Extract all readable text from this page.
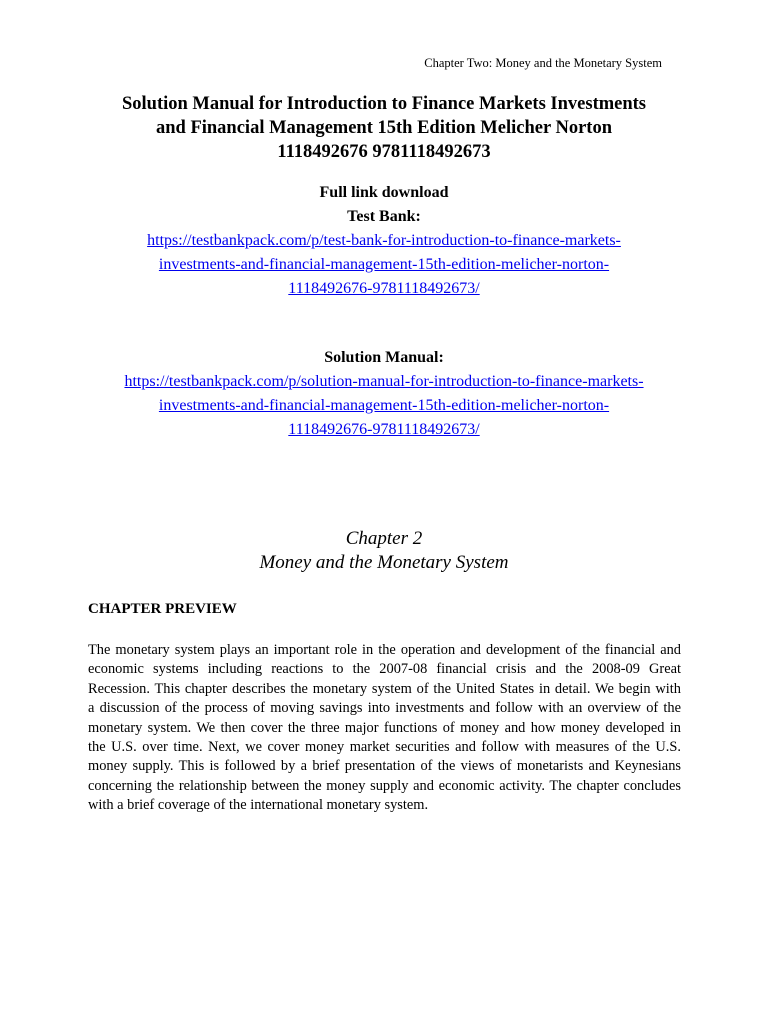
Chapter Two: Money and the Monetary System
Solution Manual for Introduction to Finance Markets Investments
and Financial Management 15th Edition Melicher Norton
1118492676 9781118492673
Full link download
Test Bank:
https://testbankpack.com/p/test-bank-for-introduction-to-finance-markets-
investments-and-financial-management-15th-edition-melicher-norton-
1118492676-9781118492673/
Solution Manual:
https://testbankpack.com/p/solution-manual-for-introduction-to-finance-markets-
investments-and-financial-management-15th-edition-melicher-norton-
1118492676-9781118492673/
Chapter 2
Money and the Monetary System
CHAPTER PREVIEW
The monetary system plays an important role in the operation and development of the financial and
economic systems including reactions to the 2007-08 financial crisis and the 2008-09 Great
Recession. This chapter describes the monetary system of the United States in detail. We begin with
a discussion of the process of moving savings into investments and follow with an overview of the
monetary system. We then cover the three major functions of money and how money developed in
the U.S. over time. Next, we cover money market securities and follow with measures of the U.S.
money supply. This is followed by a brief presentation of the views of monetarists and Keynesians
concerning the relationship between the money supply and economic activity. The chapter concludes
with a brief coverage of the international monetary system.
